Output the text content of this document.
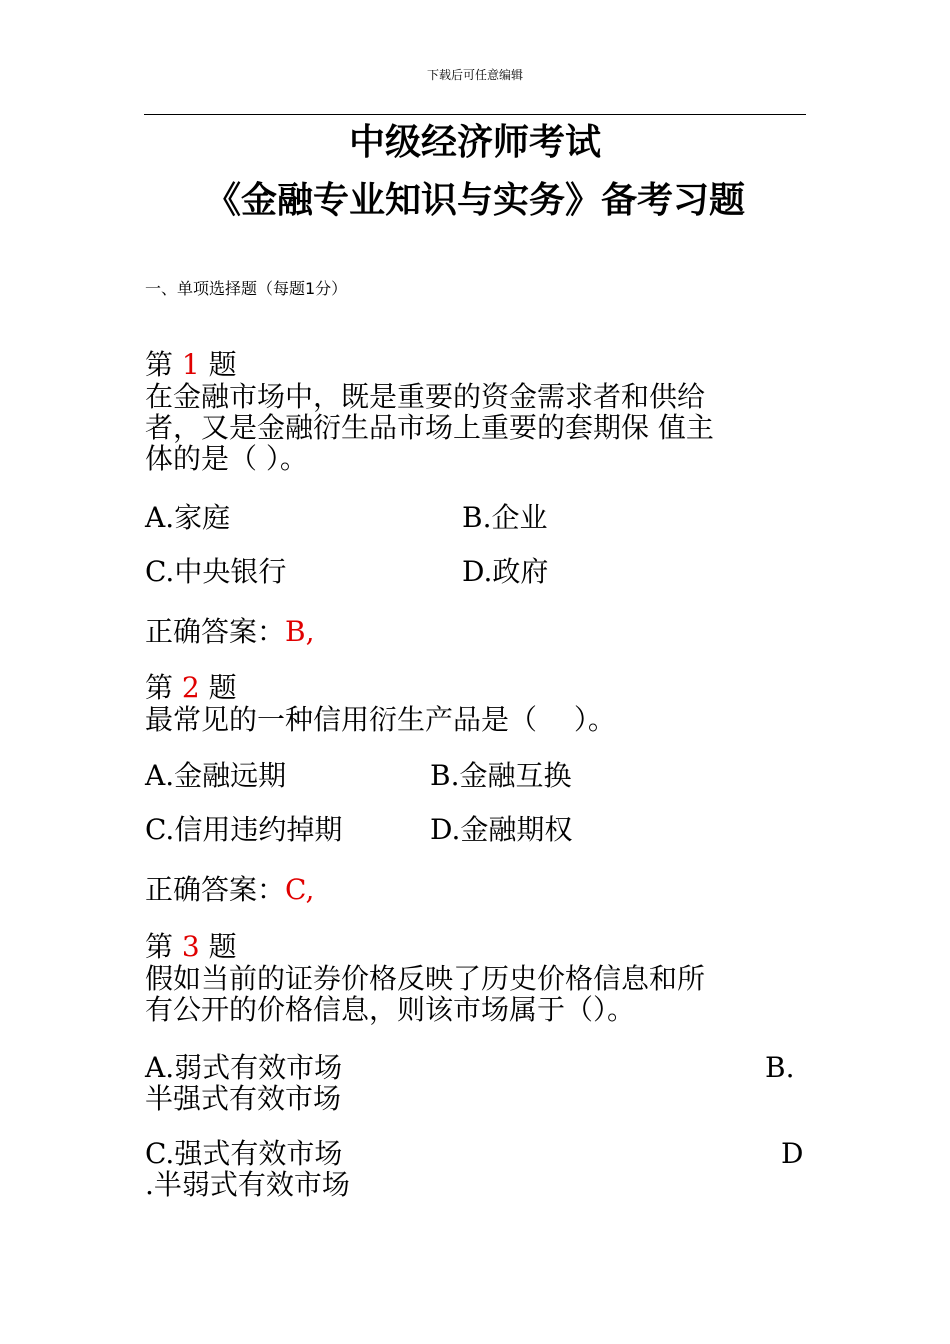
下载后可任意编辑
中级经济师考试
《金融专业知识与实务》备考习题
一、单项选择题（每题1分）
第 1 题
在金融市场中，既是重要的资金需求者和供给
者，又是金融衍生品市场上重要的套期保 值主
体的是（ ）。
A.家庭	B.企业
C.中央银行	D.政府
正确答案：B,
第 2 题
最常见的一种信用衍生产品是（　 ）。
A.金融远期	B.金融互换
C.信用违约掉期	D.金融期权
正确答案：C,
第 3 题
假如当前的证券价格反映了历史价格信息和所
有公开的价格信息，则该市场属于（）。
A.弱式有效市场	B.
半强式有效市场
C.强式有效市场	D
.半弱式有效市场
